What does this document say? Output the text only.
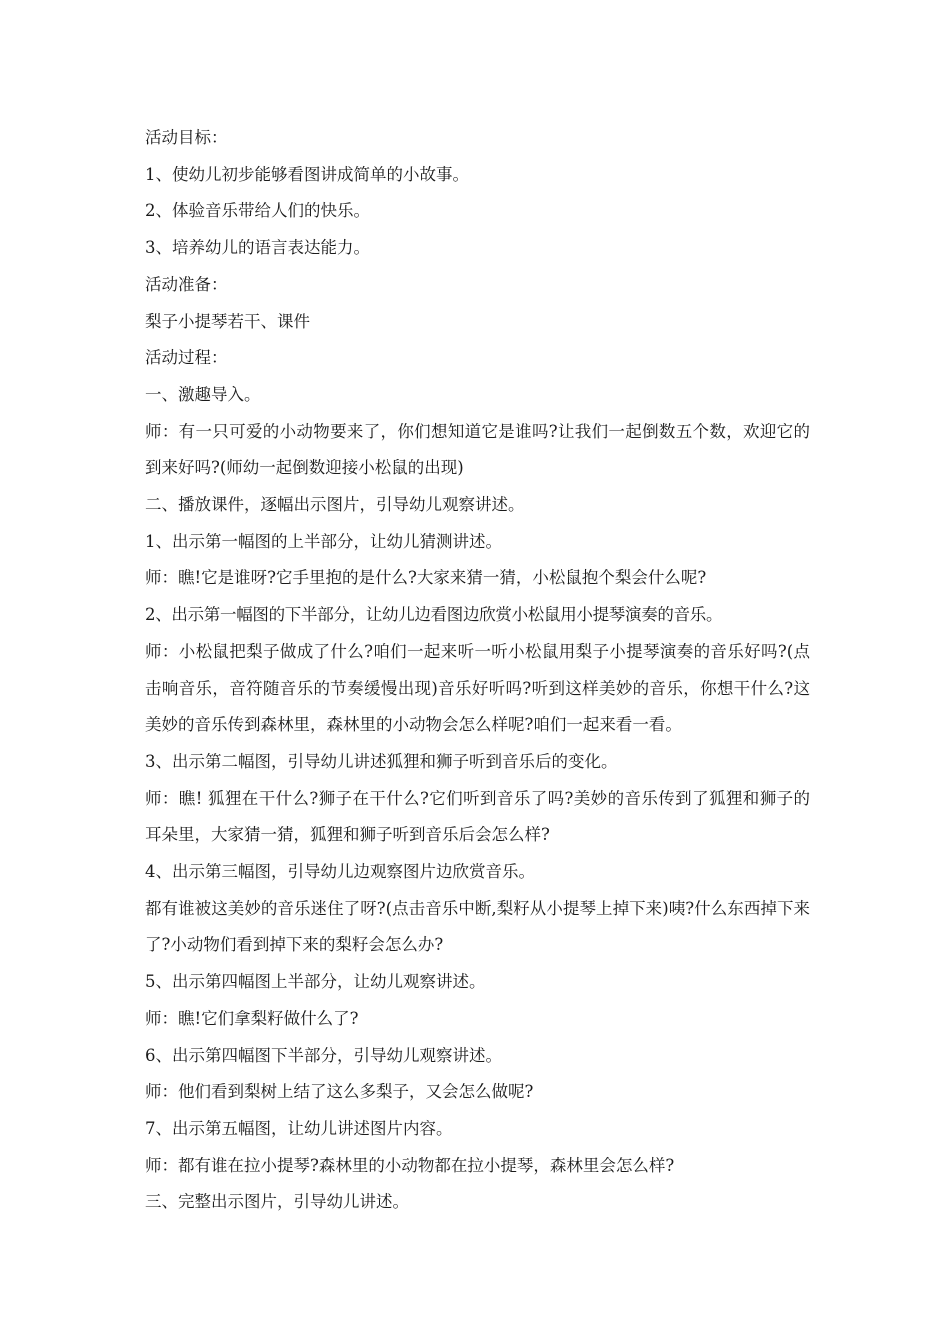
活动目标：

1、使幼儿初步能够看图讲成简单的小故事。

2、体验音乐带给人们的快乐。

3、培养幼儿的语言表达能力。

活动准备：

梨子小提琴若干、课件

活动过程：

一、激趣导入。

师：有一只可爱的小动物要来了，你们想知道它是谁吗?让我们一起倒数五个数，欢迎它的到来好吗?(师幼一起倒数迎接小松鼠的出现)

二、播放课件，逐幅出示图片，引导幼儿观察讲述。

1、出示第一幅图的上半部分，让幼儿猜测讲述。

师：瞧!它是谁呀?它手里抱的是什么?大家来猜一猜，小松鼠抱个梨会什么呢?

2、出示第一幅图的下半部分，让幼儿边看图边欣赏小松鼠用小提琴演奏的音乐。

师：小松鼠把梨子做成了什么?咱们一起来听一听小松鼠用梨子小提琴演奏的音乐好吗?(点击响音乐，音符随音乐的节奏缓慢出现)音乐好听吗?听到这样美妙的音乐，你想干什么?这美妙的音乐传到森林里，森林里的小动物会怎么样呢?咱们一起来看一看。

3、出示第二幅图，引导幼儿讲述狐狸和狮子听到音乐后的变化。

师：瞧! 狐狸在干什么?狮子在干什么?它们听到音乐了吗?美妙的音乐传到了狐狸和狮子的耳朵里，大家猜一猜，狐狸和狮子听到音乐后会怎么样?

4、出示第三幅图，引导幼儿边观察图片边欣赏音乐。

都有谁被这美妙的音乐迷住了呀?(点击音乐中断,梨籽从小提琴上掉下来)咦?什么东西掉下来了?小动物们看到掉下来的梨籽会怎么办?

5、出示第四幅图上半部分，让幼儿观察讲述。

师：瞧!它们拿梨籽做什么了?

6、出示第四幅图下半部分，引导幼儿观察讲述。

师：他们看到梨树上结了这么多梨子，又会怎么做呢?

7、出示第五幅图，让幼儿讲述图片内容。

师：都有谁在拉小提琴?森林里的小动物都在拉小提琴，森林里会怎么样?

三、完整出示图片，引导幼儿讲述。
